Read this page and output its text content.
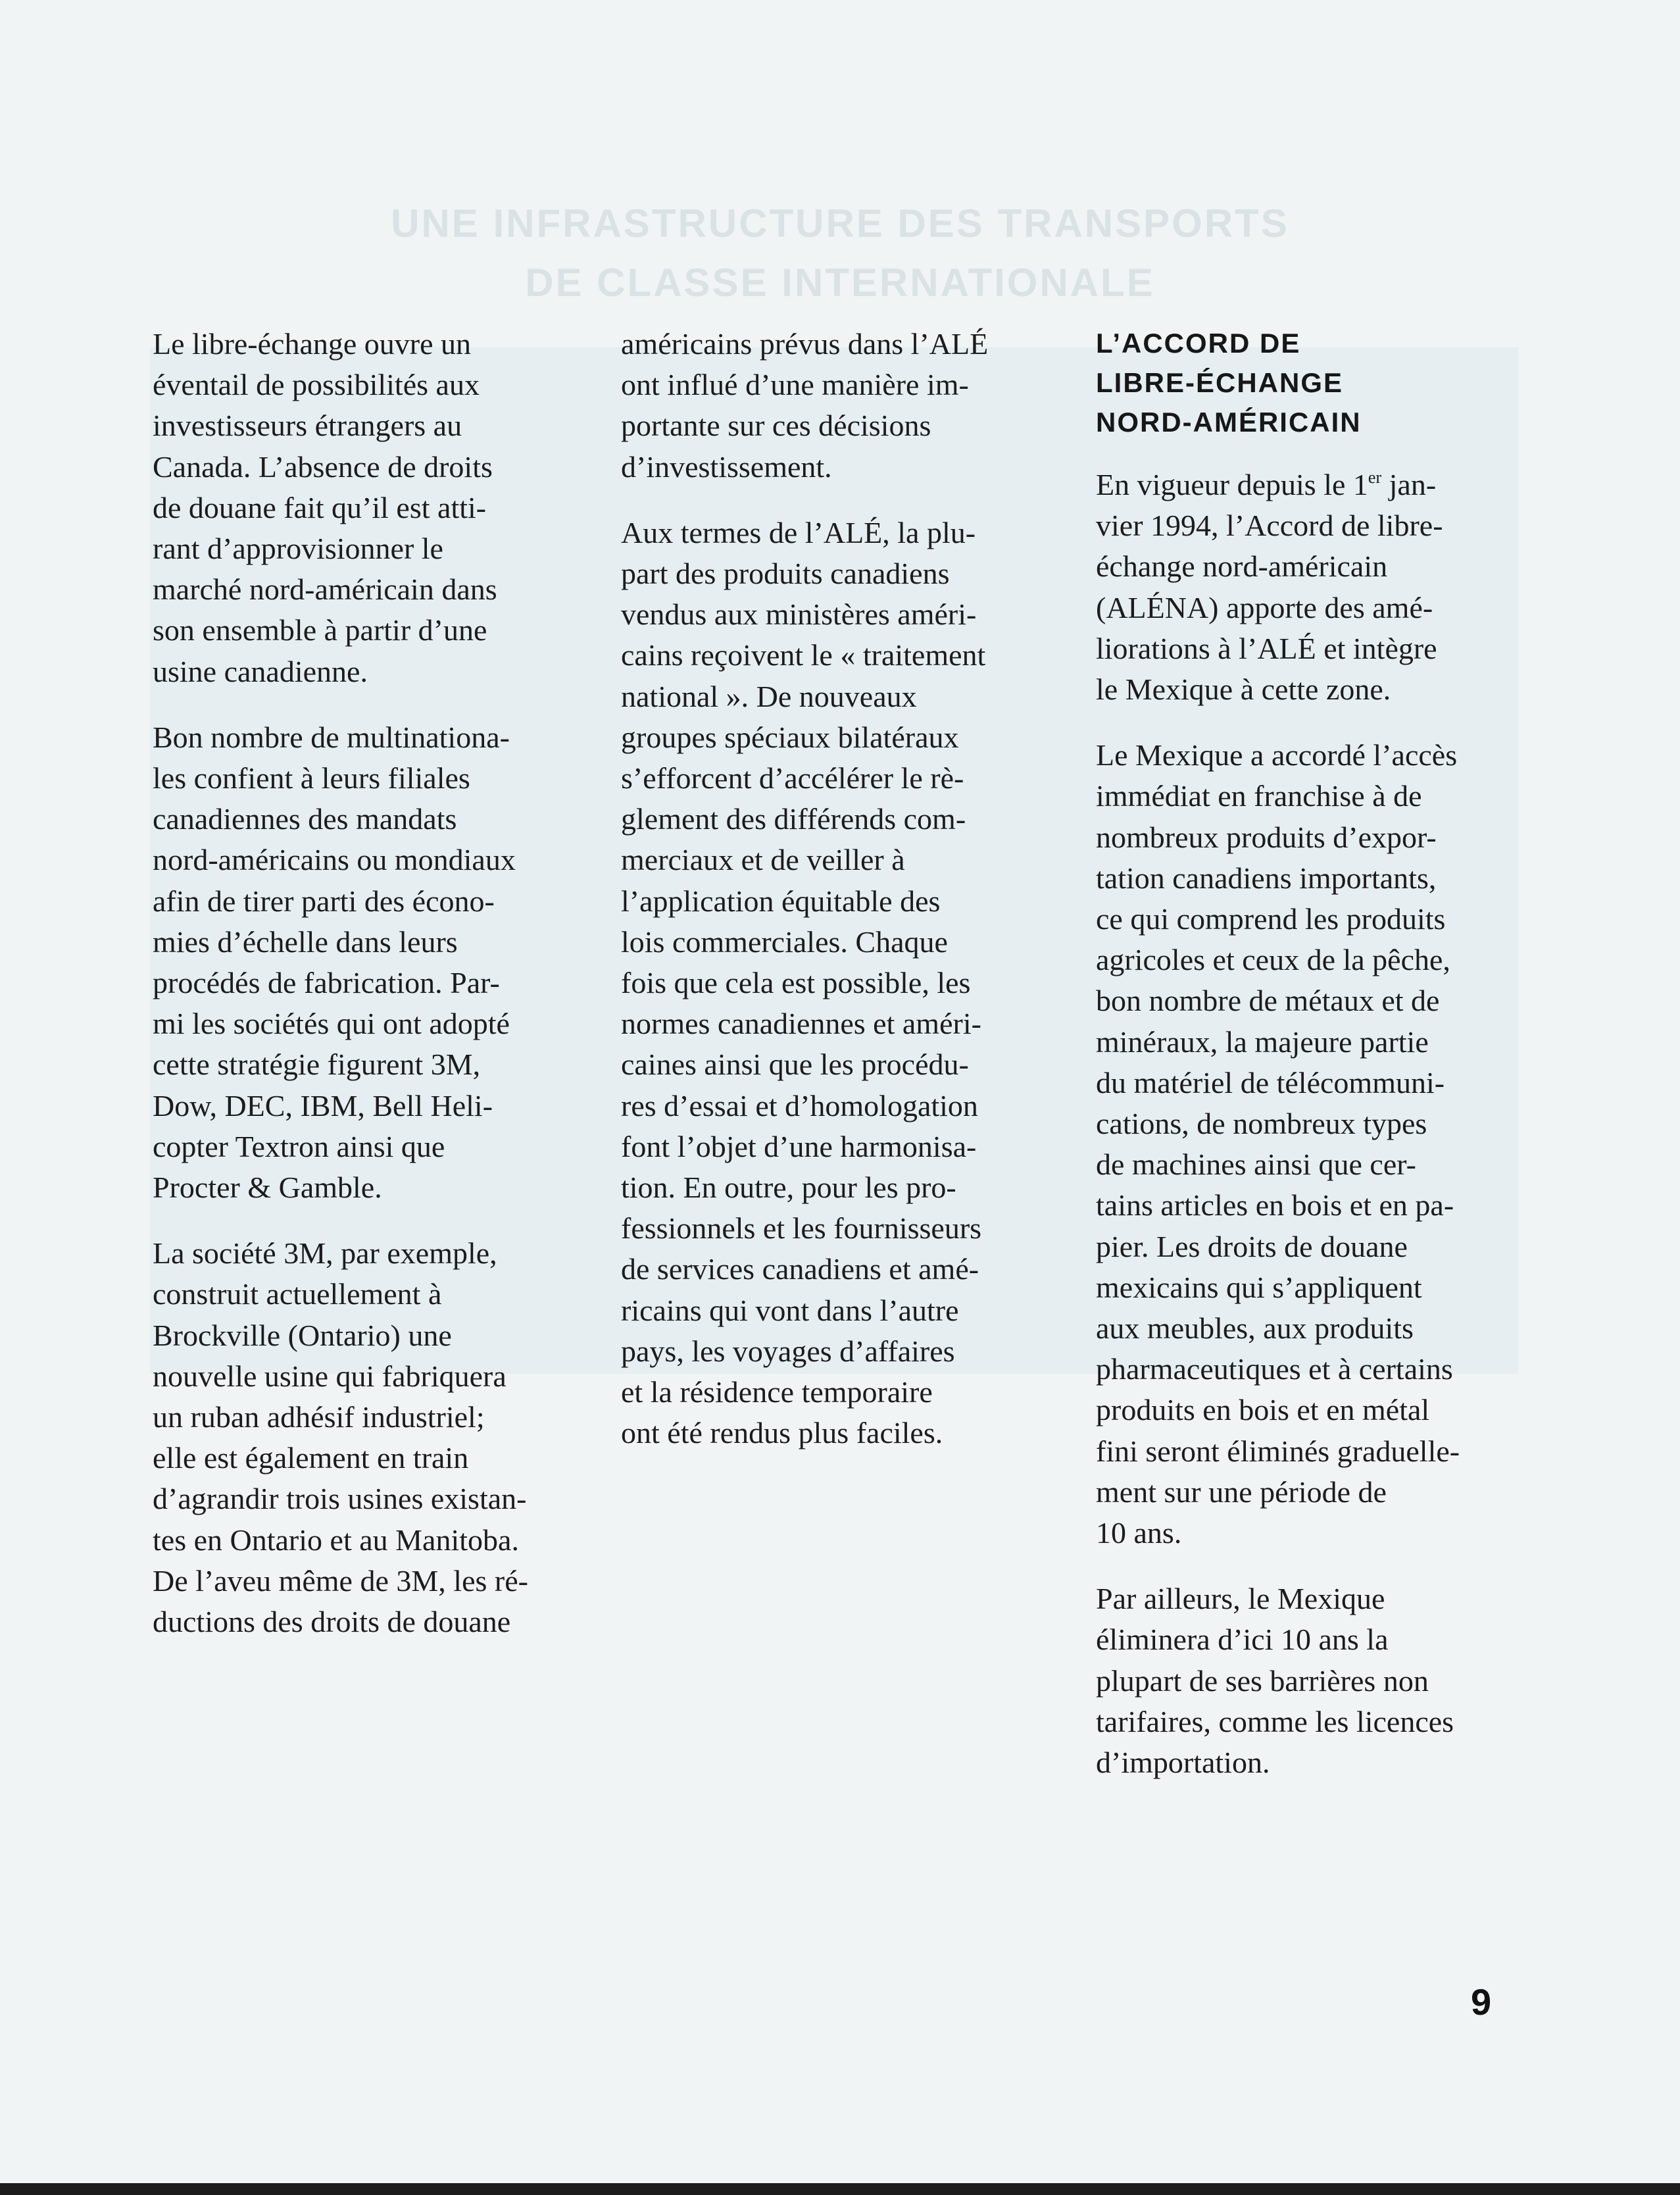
UNE INFRASTRUCTURE DES TRANSPORTS
DE CLASSE INTERNATIONALE

Le libre-échange ouvre un
éventail de possibilités aux
investisseurs étrangers au
Canada. L’absence de droits
de douane fait qu’il est atti-
rant d’approvisionner le
marché nord-américain dans
son ensemble à partir d’une
usine canadienne.

Bon nombre de multinationa-
les confient à leurs filiales
canadiennes des mandats
nord-américains ou mondiaux
afin de tirer parti des écono-
mies d’échelle dans leurs
procédés de fabrication. Par-
mi les sociétés qui ont adopté
cette stratégie figurent 3M,
Dow, DEC, IBM, Bell Heli-
copter Textron ainsi que
Procter & Gamble.

La société 3M, par exemple,
construit actuellement à
Brockville (Ontario) une
nouvelle usine qui fabriquera
un ruban adhésif industriel;
elle est également en train
d’agrandir trois usines existan-
tes en Ontario et au Manitoba.
De l’aveu même de 3M, les ré-
ductions des droits de douane

américains prévus dans l’ALÉ
ont influé d’une manière im-
portante sur ces décisions
d’investissement.

Aux termes de l’ALÉ, la plu-
part des produits canadiens
vendus aux ministères améri-
cains reçoivent le « traitement
national ». De nouveaux
groupes spéciaux bilatéraux
s’efforcent d’accélérer le rè-
glement des différends com-
merciaux et de veiller à
l’application équitable des
lois commerciales. Chaque
fois que cela est possible, les
normes canadiennes et améri-
caines ainsi que les procédu-
res d’essai et d’homologation
font l’objet d’une harmonisa-
tion. En outre, pour les pro-
fessionnels et les fournisseurs
de services canadiens et amé-
ricains qui vont dans l’autre
pays, les voyages d’affaires
et la résidence temporaire
ont été rendus plus faciles.

L’ACCORD DE
LIBRE-ÉCHANGE
NORD-AMÉRICAIN

En vigueur depuis le 1er jan-
vier 1994, l’Accord de libre-
échange nord-américain
(ALÉNA) apporte des amé-
liorations à l’ALÉ et intègre
le Mexique à cette zone.

Le Mexique a accordé l’accès
immédiat en franchise à de
nombreux produits d’expor-
tation canadiens importants,
ce qui comprend les produits
agricoles et ceux de la pêche,
bon nombre de métaux et de
minéraux, la majeure partie
du matériel de télécommuni-
cations, de nombreux types
de machines ainsi que cer-
tains articles en bois et en pa-
pier. Les droits de douane
mexicains qui s’appliquent
aux meubles, aux produits
pharmaceutiques et à certains
produits en bois et en métal
fini seront éliminés graduelle-
ment sur une période de
10 ans.

Par ailleurs, le Mexique
éliminera d’ici 10 ans la
plupart de ses barrières non
tarifaires, comme les licences
d’importation.

9
